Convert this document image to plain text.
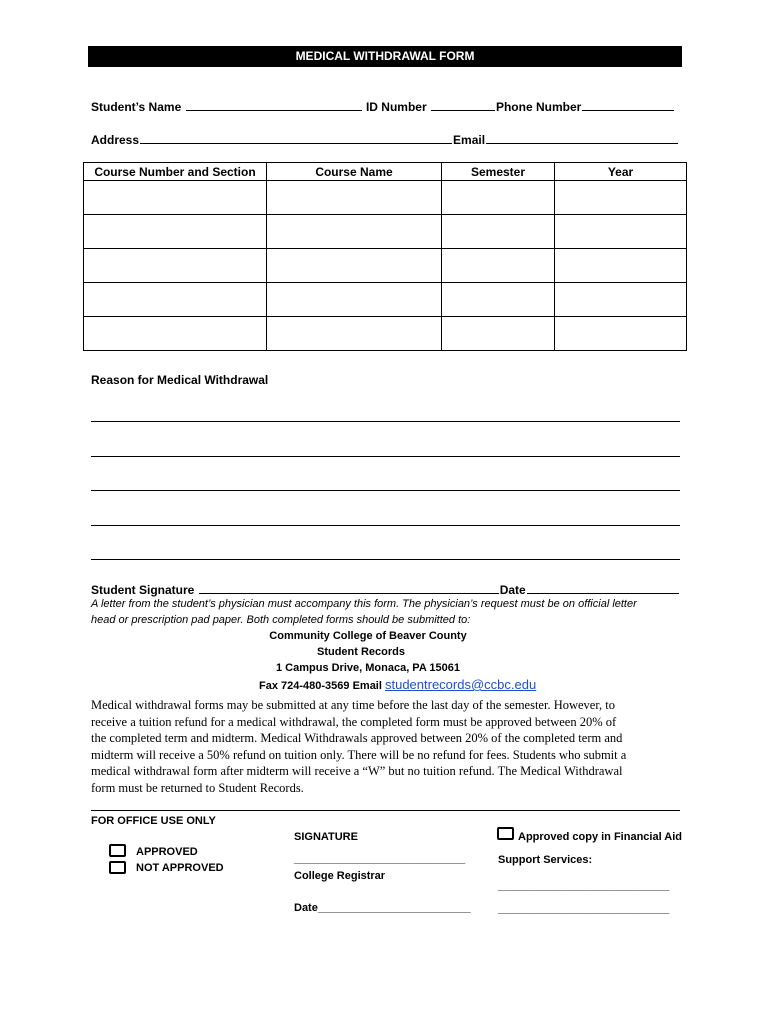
MEDICAL WITHDRAWAL FORM
Student’s Name	ID Number	Phone Number
Address	Email
Course Number and Section	Course Name	Semester	Year

Reason for Medical Withdrawal
Student Signature	Date
A letter from the student’s physician must accompany this form. The physician’s request must be on official letter
head or prescription pad paper. Both completed forms should be submitted to:
Community College of Beaver County
Student Records
1 Campus Drive, Monaca, PA 15061
Fax 724-480-3569 Email studentrecords@ccbc.edu
Medical withdrawal forms may be submitted at any time before the last day of the semester. However, to
receive a tuition refund for a medical withdrawal, the completed form must be approved between 20% of
the completed term and midterm. Medical Withdrawals approved between 20% of the completed term and
midterm will receive a 50% refund on tuition only. There will be no refund for fees. Students who submit a
medical withdrawal form after midterm will receive a “W” but no tuition refund. The Medical Withdrawal
form must be returned to Student Records.
FOR OFFICE USE ONLY
APPROVED
NOT APPROVED
SIGNATURE
____________________________
College Registrar
Date_________________________
Approved copy in Financial Aid
Support Services:
____________________________
____________________________
